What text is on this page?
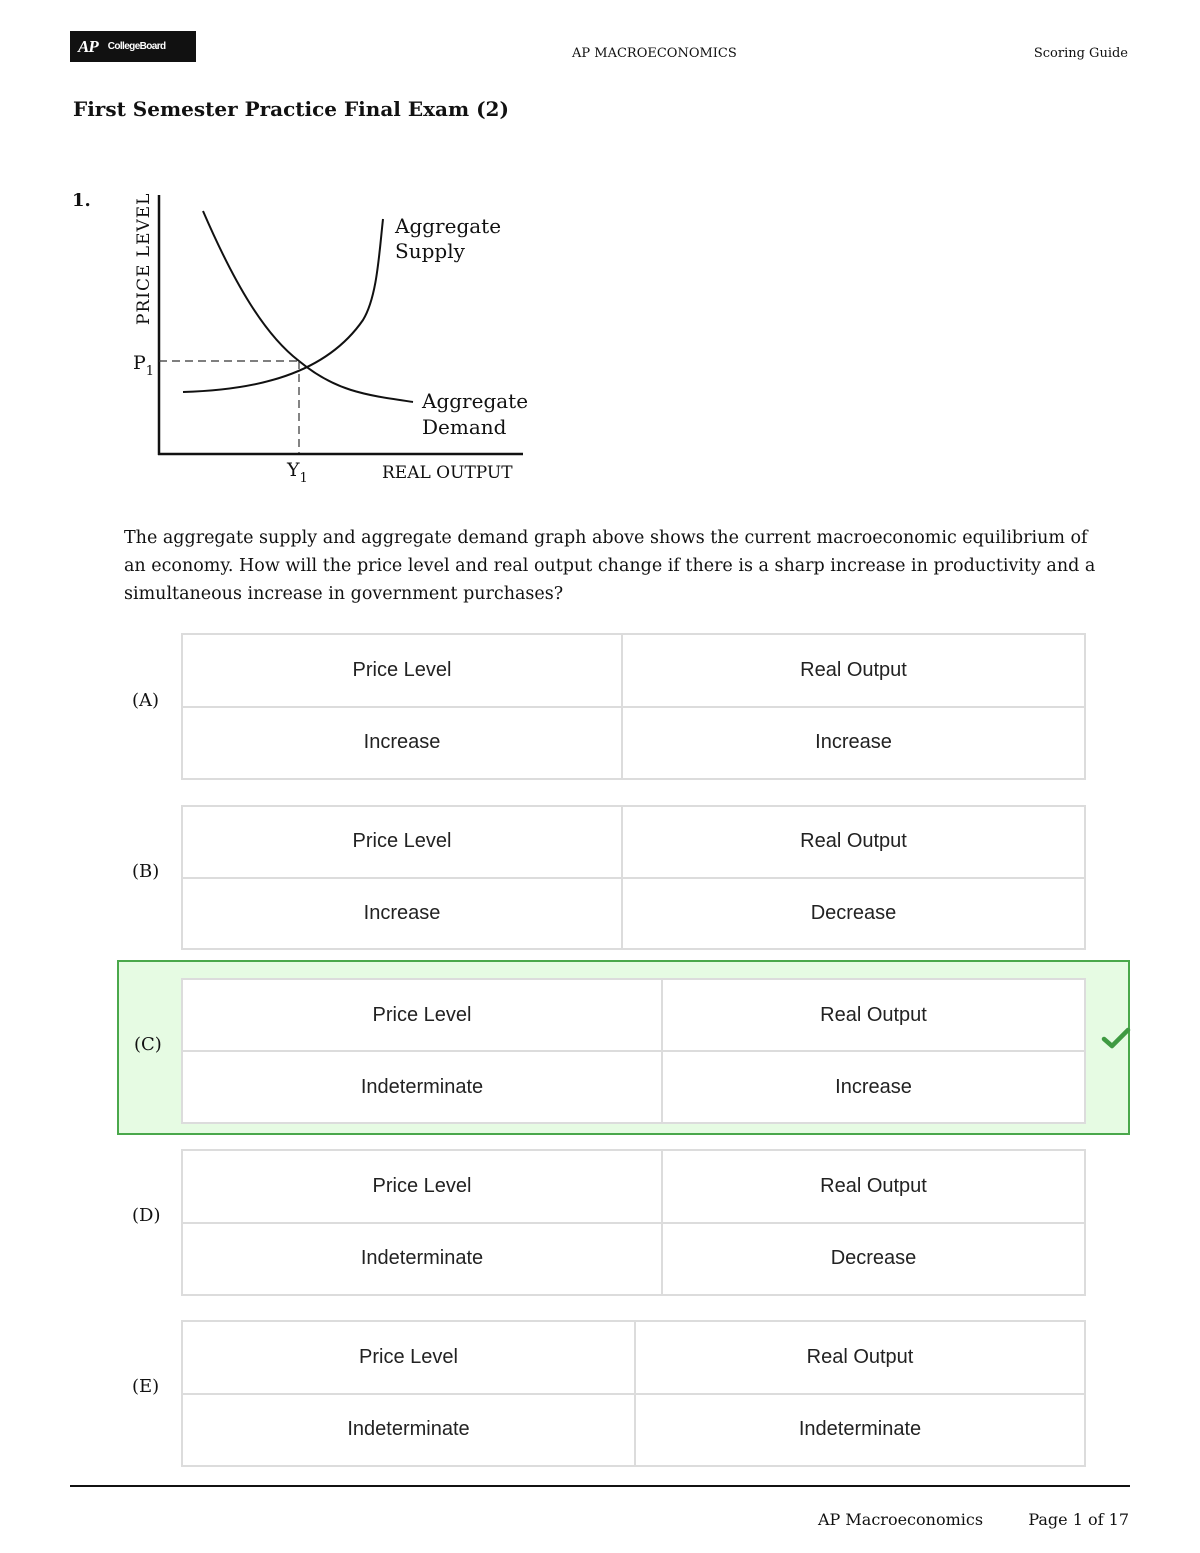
AP CollegeBoard	AP MACROECONOMICS	Scoring Guide
First Semester Practice Final Exam (2)
1.	PRICE LEVEL
$P_1$
$Y_1$
Aggregate
Supply
Aggregate
Demand
REAL OUTPUT
The aggregate supply and aggregate demand graph above shows the current macroeconomic equilibrium of an economy. How will the price level and real output change if there is a sharp increase in productivity and a simultaneous increase in government purchases?
(A)
Price Level	Real Output
Increase	Increase
(B)
Price Level	Real Output
Increase	Decrease
(C)
Price Level	Real Output
Indeterminate	Increase
(D)
Price Level	Real Output
Indeterminate	Decrease
(E)
Price Level	Real Output
Indeterminate	Indeterminate
AP Macroeconomics	Page 1 of 17
